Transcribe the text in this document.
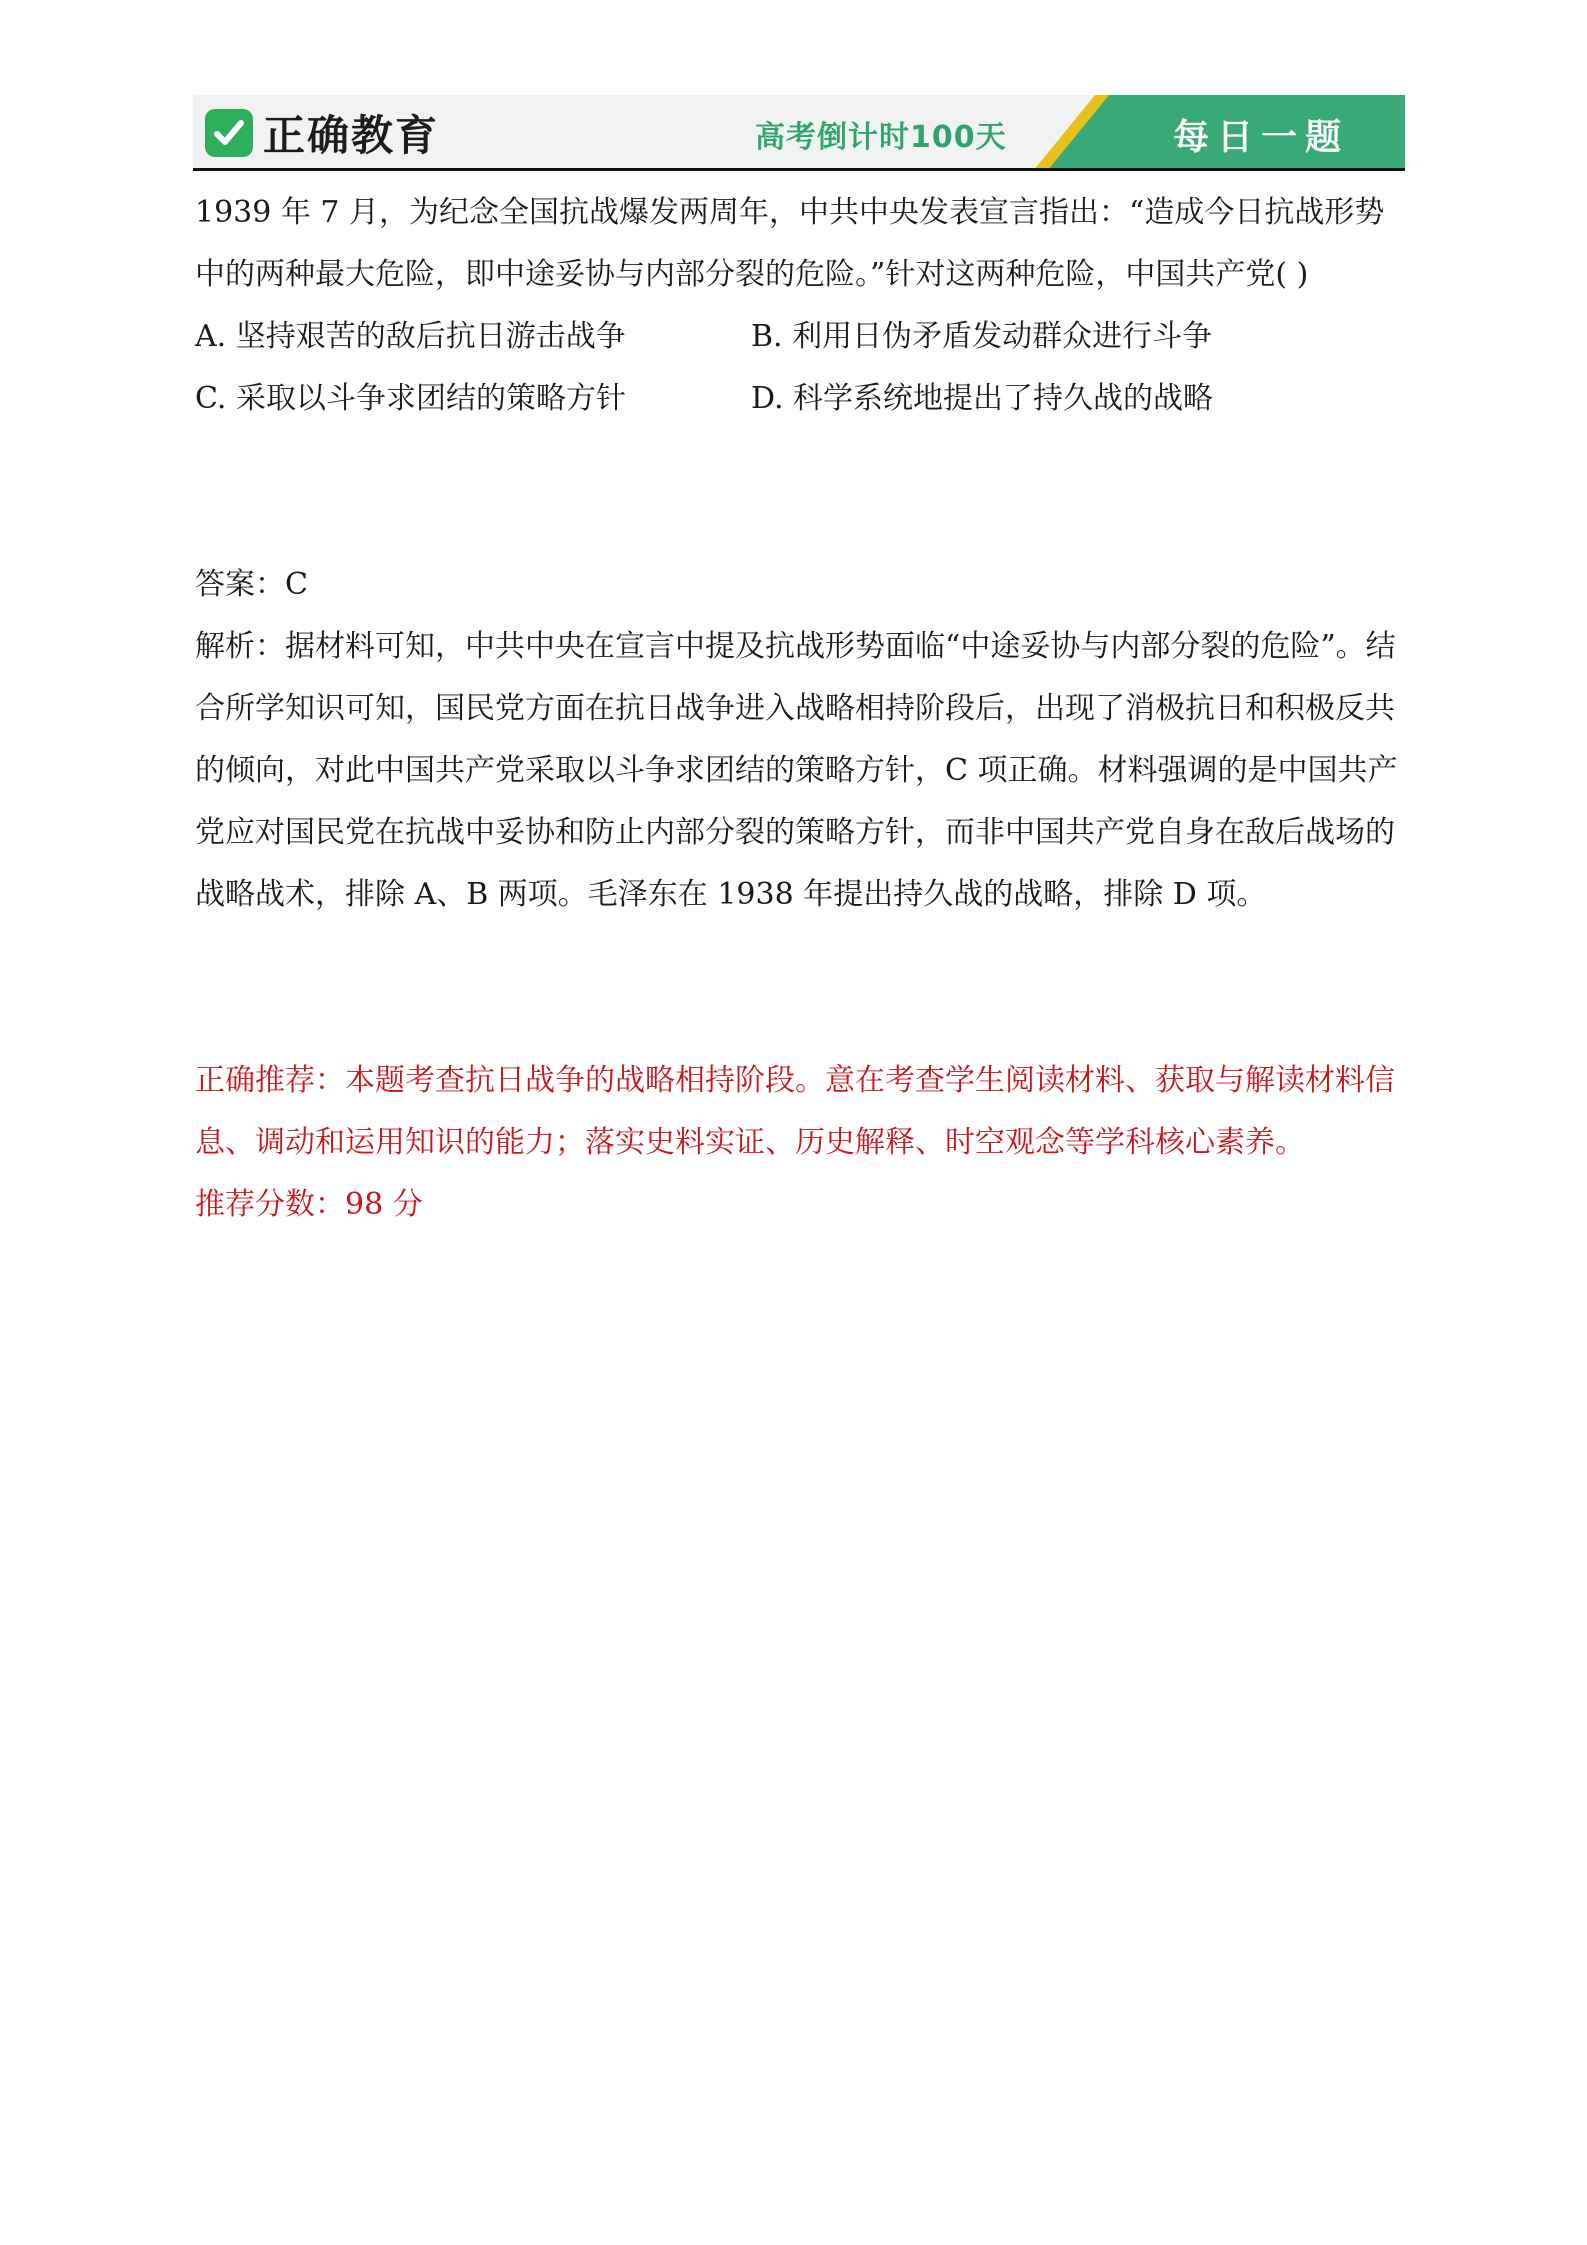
正确教育	高考倒计时100天	每日一题

1939 年 7 月，为纪念全国抗战爆发两周年，中共中央发表宣言指出：“造成今日抗战形势中的两种最大危险，即中途妥协与内部分裂的危险。”针对这两种危险，中国共产党( )

A. 坚持艰苦的敌后抗日游击战争	B. 利用日伪矛盾发动群众进行斗争
C. 采取以斗争求团结的策略方针	D. 科学系统地提出了持久战的战略

答案：C

解析：据材料可知，中共中央在宣言中提及抗战形势面临“中途妥协与内部分裂的危险”。结合所学知识可知，国民党方面在抗日战争进入战略相持阶段后，出现了消极抗日和积极反共的倾向，对此中国共产党采取以斗争求团结的策略方针，C 项正确。材料强调的是中国共产党应对国民党在抗战中妥协和防止内部分裂的策略方针，而非中国共产党自身在敌后战场的战略战术，排除 A、B 两项。毛泽东在 1938 年提出持久战的战略，排除 D 项。

正确推荐：本题考查抗日战争的战略相持阶段。意在考查学生阅读材料、获取与解读材料信息、调动和运用知识的能力；落实史料实证、历史解释、时空观念等学科核心素养。

推荐分数：98 分
